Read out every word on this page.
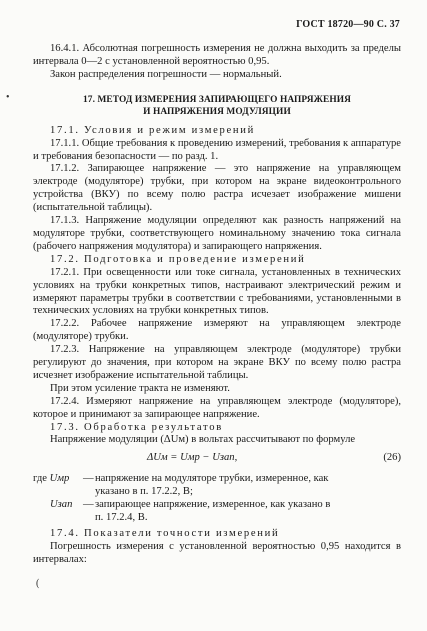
ГОСТ 18720—90 С. 37
•
(

16.4.1. Абсолютная погрешность измерения не должна выходить за пределы интервала 0—2 с установленной вероятностью 0,95.

Закон распределения погрешности — нормальный.

17. МЕТОД ИЗМЕРЕНИЯ ЗАПИРАЮЩЕГО НАПРЯЖЕНИЯ
И НАПРЯЖЕНИЯ МОДУЛЯЦИИ

17.1. Условия и режим измерений

17.1.1. Общие требования к проведению измерений, требования к аппаратуре и требования безопасности — по разд. 1.

17.1.2. Запирающее напряжение — это напряжение на управляющем электроде (модуляторе) трубки, при котором на экране видеоконтрольного устройства (ВКУ) по всему полю растра исчезает изображение мишени (испытательной таблицы).

17.1.3. Напряжение модуляции определяют как разность напряжений на модуляторе трубки, соответствующего номинальному значению тока сигнала (рабочего напряжения модулятора) и запирающего напряжения.

17.2. Подготовка и проведение измерений

17.2.1. При освещенности или токе сигнала, установленных в технических условиях на трубки конкретных типов, настраивают электрический режим и измеряют параметры трубки в соответствии с требованиями, установленными в технических условиях на трубки конкретных типов.

17.2.2. Рабочее напряжение измеряют на управляющем электроде (модуляторе) трубки.

17.2.3. Напряжение на управляющем электроде (модуляторе) трубки регулируют до значения, при котором на экране ВКУ по всему полю растра исчезнет изображение испытательной таблицы.

При этом усиление тракта не изменяют.

17.2.4. Измеряют напряжение на управляющем электроде (модуляторе), которое и принимают за запирающее напряжение.

17.3. Обработка результатов

Напряжение модуляции (ΔUм) в вольтах рассчитывают по формуле

ΔUм = Uмр − Uзап,	(26)
где Uмр	— напряжение на модуляторе трубки, измеренное, как
указано в п. 17.2.2, В;
Uзап	— запирающее напряжение, измеренное, как указано в
п. 17.2.4, В.

17.4. Показатели точности измерений

Погрешность измерения с установленной вероятностью 0,95 находится в интервалах:
